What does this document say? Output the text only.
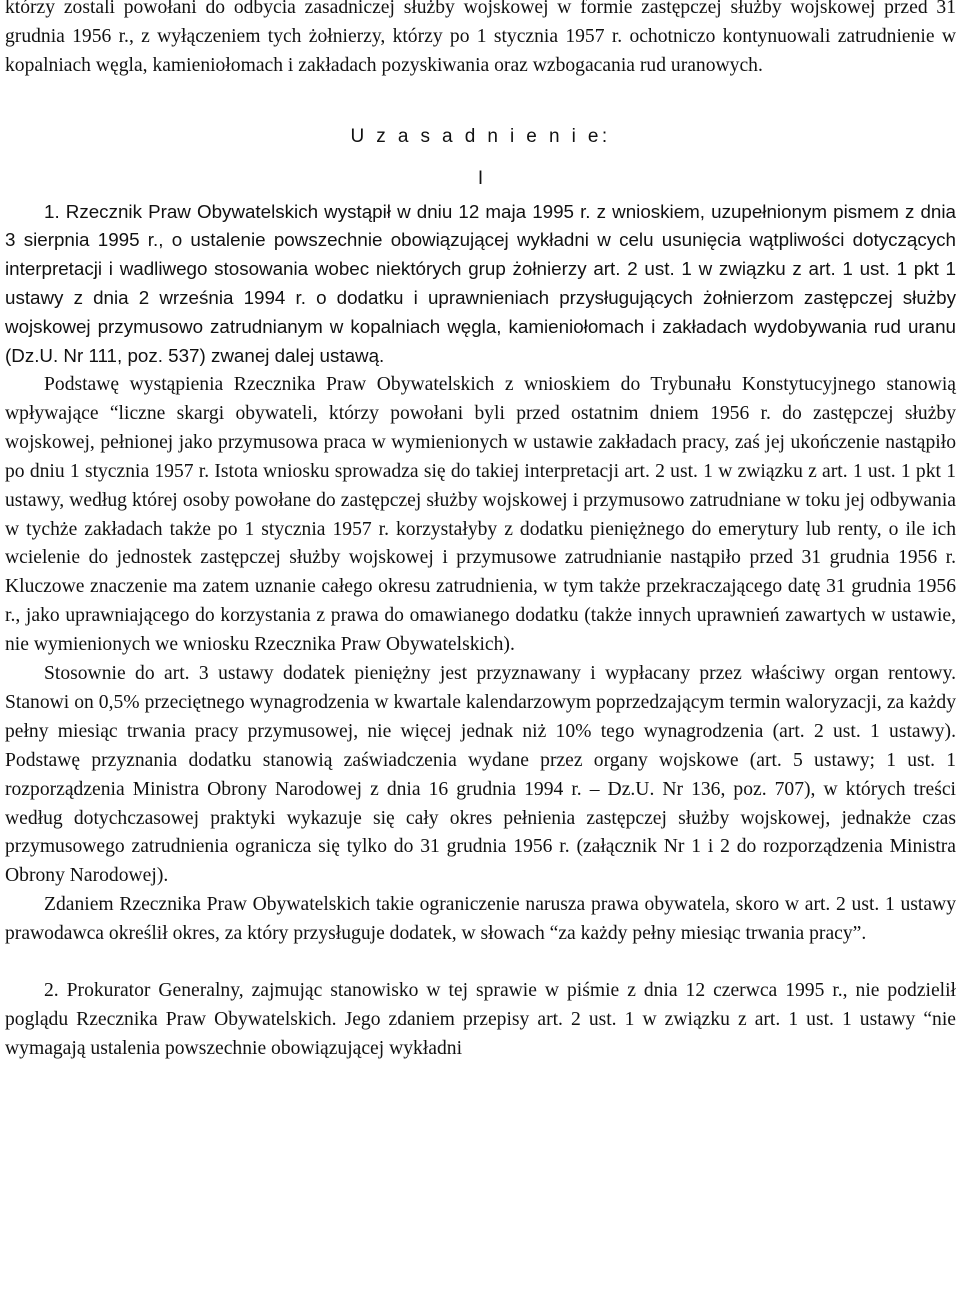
którzy zostali powołani do odbycia zasadniczej służby wojskowej w formie zastępczej służby wojskowej przed 31 grudnia 1956 r., z wyłączeniem tych żołnierzy, którzy po 1 stycznia 1957 r. ochotniczo kontynuowali zatrudnienie w kopalniach węgla, kamieniołomach i zakładach pozyskiwania oraz wzbogacania rud uranowych.

U z a s a d n i e n i e:

I

1. Rzecznik Praw Obywatelskich wystąpił w dniu 12 maja 1995 r. z wnioskiem, uzupełnionym pismem z dnia 3 sierpnia 1995 r., o ustalenie powszechnie obowiązującej wykładni w celu usunięcia wątpliwości dotyczących interpretacji i wadliwego stosowania wobec niektórych grup żołnierzy art. 2 ust. 1 w związku z art. 1 ust. 1 pkt 1 ustawy z dnia 2 września 1994 r. o dodatku i uprawnieniach przysługujących żołnierzom zastępczej służby wojskowej przymusowo zatrudnianym w kopalniach węgla, kamieniołomach i zakładach wydobywania rud uranu (Dz.U. Nr 111, poz. 537) zwanej dalej ustawą.

Podstawę wystąpienia Rzecznika Praw Obywatelskich z wnioskiem do Trybunału Konstytucyjnego stanowią wpływające “liczne skargi obywateli, którzy powołani byli przed ostatnim dniem 1956 r. do zastępczej służby wojskowej, pełnionej jako przymusowa praca w wymienionych w ustawie zakładach pracy, zaś jej ukończenie nastąpiło po dniu 1 stycznia 1957 r. Istota wniosku sprowadza się do takiej interpretacji art. 2 ust. 1 w związku z art. 1 ust. 1 pkt 1 ustawy, według której osoby powołane do zastępczej służby wojskowej i przymusowo zatrudniane w toku jej odbywania w tychże zakładach także po 1 stycznia 1957 r. korzystałyby z dodatku pieniężnego do emerytury lub renty, o ile ich wcielenie do jednostek zastępczej służby wojskowej i przymusowe zatrudnianie nastąpiło przed 31 grudnia 1956 r. Kluczowe znaczenie ma zatem uznanie całego okresu zatrudnienia, w tym także przekraczającego datę 31 grudnia 1956 r., jako uprawniającego do korzystania z prawa do omawianego dodatku (także innych uprawnień zawartych w ustawie, nie wymienionych we wniosku Rzecznika Praw Obywatelskich).

Stosownie do art. 3 ustawy dodatek pieniężny jest przyznawany i wypłacany przez właściwy organ rentowy. Stanowi on 0,5% przeciętnego wynagrodzenia w kwartale kalendarzowym poprzedzającym termin waloryzacji, za każdy pełny miesiąc trwania pracy przymusowej, nie więcej jednak niż 10% tego wynagrodzenia (art. 2 ust. 1 ustawy). Podstawę przyznania dodatku stanowią zaświadczenia wydane przez organy wojskowe (art. 5 ustawy; 1 ust. 1 rozporządzenia Ministra Obrony Narodowej z dnia 16 grudnia 1994 r. – Dz.U. Nr 136, poz. 707), w których treści według dotychczasowej praktyki wykazuje się cały okres pełnienia zastępczej służby wojskowej, jednakże czas przymusowego zatrudnienia ogranicza się tylko do 31 grudnia 1956 r. (załącznik Nr 1 i 2 do rozporządzenia Ministra Obrony Narodowej).

Zdaniem Rzecznika Praw Obywatelskich takie ograniczenie narusza prawa obywatela, skoro w art. 2 ust. 1 ustawy prawodawca określił okres, za który przysługuje dodatek, w słowach “za każdy pełny miesiąc trwania pracy”.

2. Prokurator Generalny, zajmując stanowisko w tej sprawie w piśmie z dnia 12 czerwca 1995 r., nie podzielił poglądu Rzecznika Praw Obywatelskich. Jego zdaniem przepisy art. 2 ust. 1 w związku z art. 1 ust. 1 ustawy “nie wymagają ustalenia powszechnie obowiązującej wykładni
